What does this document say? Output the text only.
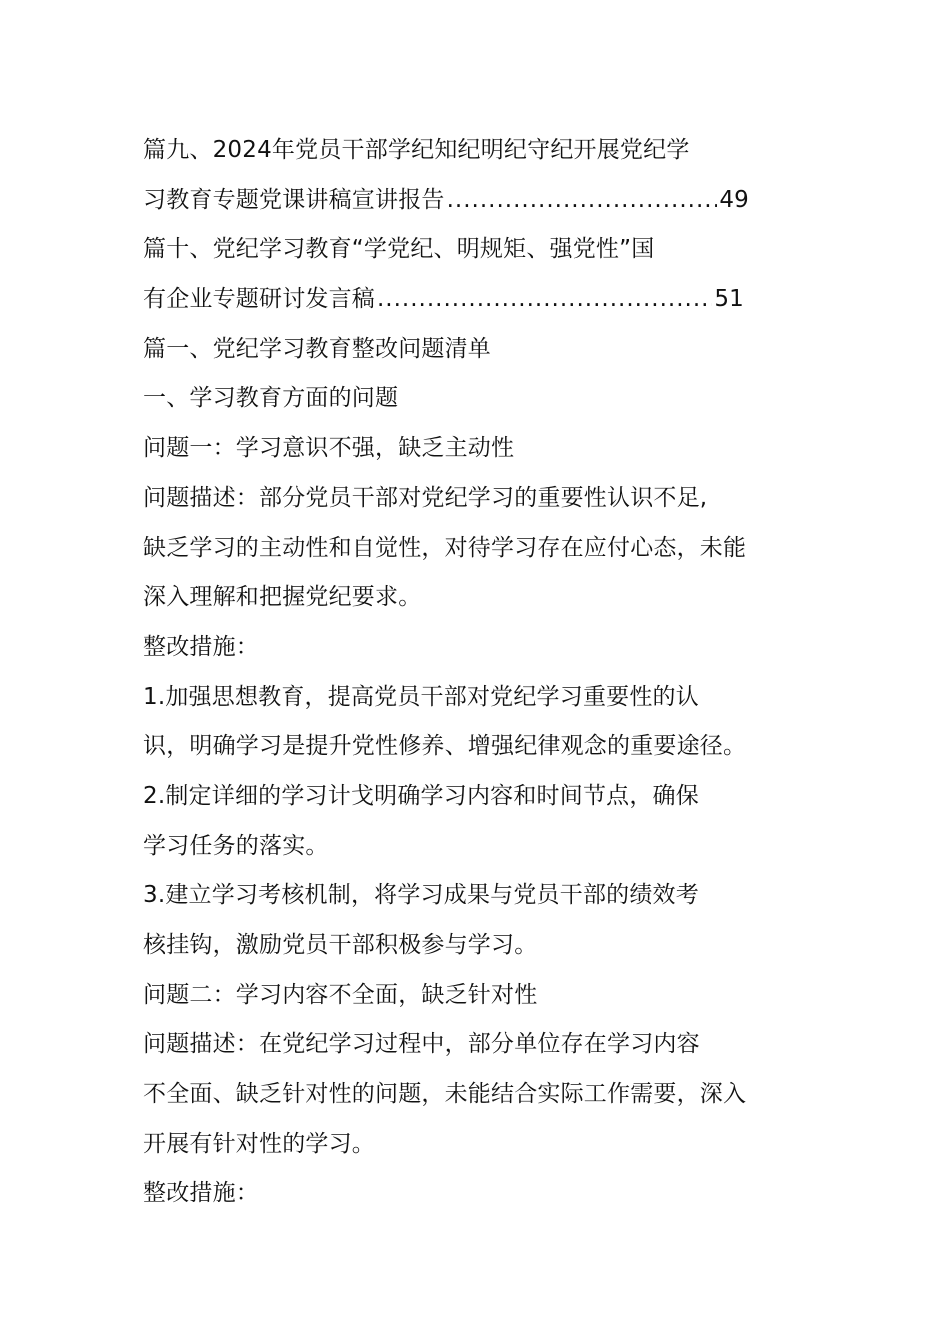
篇九、2024年党员干部学纪知纪明纪守纪开展党纪学
习教育专题党课讲稿宣讲报告 .....	49
篇十、党纪学习教育“学党纪、明规矩、强党性”国
有企业专题研讨发言稿 .....	51
篇一、党纪学习教育整改问题清单
一、学习教育方面的问题
问题一：学习意识不强，缺乏主动性
问题描述：部分党员干部对党纪学习的重要性认识不足,
缺乏学习的主动性和自觉性，对待学习存在应付心态，未能
深入理解和把握党纪要求。
整改措施：
1.加强思想教育，提高党员干部对党纪学习重要性的认
识，明确学习是提升党性修养、增强纪律观念的重要途径。
2.制定详细的学习计戈明确学习内容和时间节点，确保
学习任务的落实。
3.建立学习考核机制，将学习成果与党员干部的绩效考
核挂钩，激励党员干部积极参与学习。
问题二：学习内容不全面，缺乏针对性
问题描述：在党纪学习过程中，部分单位存在学习内容
不全面、缺乏针对性的问题，未能结合实际工作需要，深入
开展有针对性的学习。
整改措施：
